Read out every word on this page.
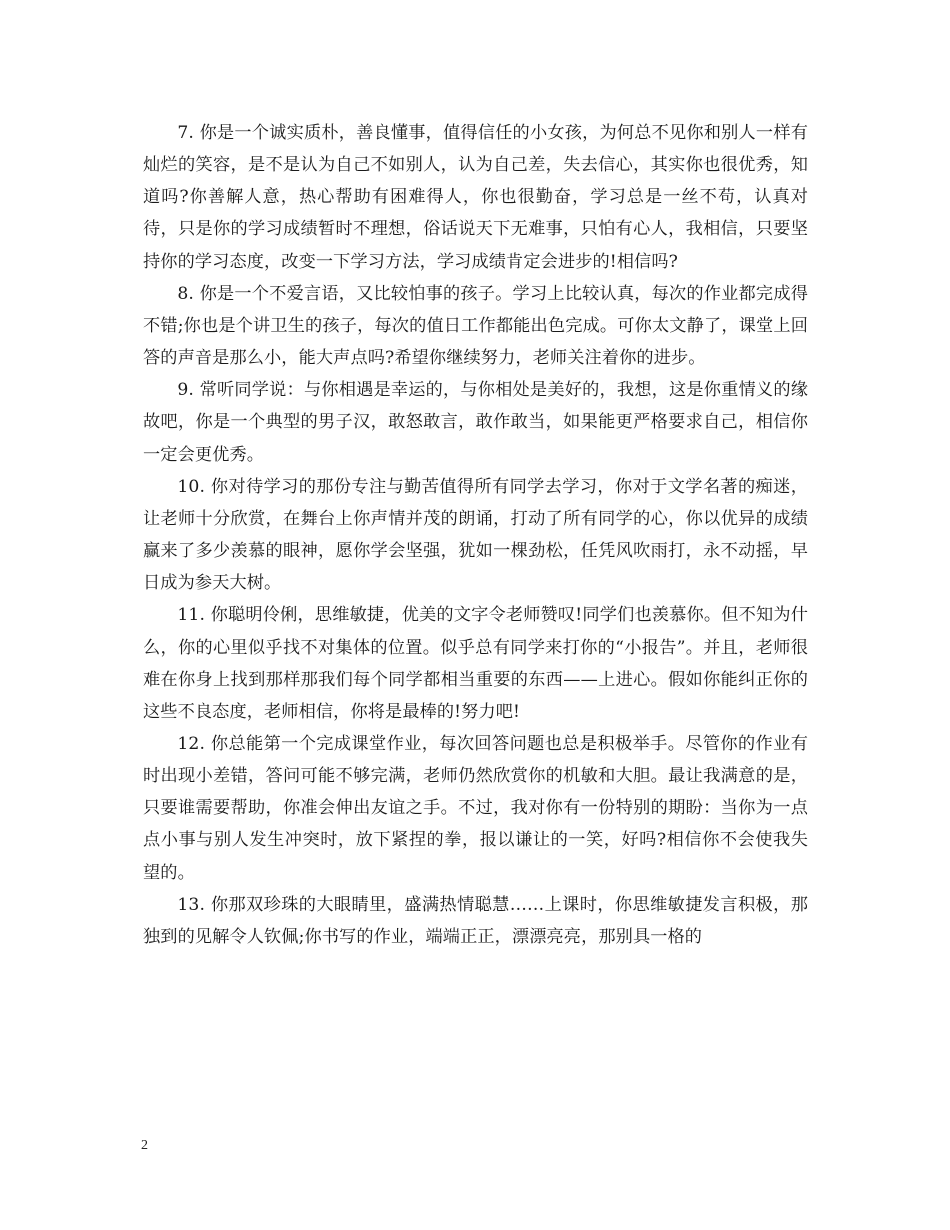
7. 你是一个诚实质朴，善良懂事，值得信任的小女孩，为何总不见你和别人一样有灿烂的笑容，是不是认为自己不如别人，认为自己差，失去信心，其实你也很优秀，知道吗?你善解人意，热心帮助有困难得人，你也很勤奋，学习总是一丝不苟，认真对待，只是你的学习成绩暂时不理想，俗话说天下无难事，只怕有心人，我相信，只要坚持你的学习态度，改变一下学习方法，学习成绩肯定会进步的!相信吗?

8. 你是一个不爱言语，又比较怕事的孩子。学习上比较认真，每次的作业都完成得不错;你也是个讲卫生的孩子，每次的值日工作都能出色完成。可你太文静了，课堂上回答的声音是那么小，能大声点吗?希望你继续努力，老师关注着你的进步。

9. 常听同学说：与你相遇是幸运的，与你相处是美好的，我想，这是你重情义的缘故吧，你是一个典型的男子汉，敢怒敢言，敢作敢当，如果能更严格要求自己，相信你一定会更优秀。

10. 你对待学习的那份专注与勤苦值得所有同学去学习，你对于文学名著的痴迷，让老师十分欣赏，在舞台上你声情并茂的朗诵，打动了所有同学的心，你以优异的成绩赢来了多少羡慕的眼神，愿你学会坚强，犹如一棵劲松，任凭风吹雨打，永不动摇，早日成为参天大树。

11. 你聪明伶俐，思维敏捷，优美的文字令老师赞叹!同学们也羡慕你。但不知为什么，你的心里似乎找不对集体的位置。似乎总有同学来打你的“小报告”。并且，老师很难在你身上找到那样那我们每个同学都相当重要的东西——上进心。假如你能纠正你的这些不良态度，老师相信，你将是最棒的!努力吧!

12. 你总能第一个完成课堂作业，每次回答问题也总是积极举手。尽管你的作业有时出现小差错，答问可能不够完满，老师仍然欣赏你的机敏和大胆。最让我满意的是，只要谁需要帮助，你准会伸出友谊之手。不过，我对你有一份特别的期盼：当你为一点点小事与别人发生冲突时，放下紧捏的拳，报以谦让的一笑，好吗?相信你不会使我失望的。

13. 你那双珍珠的大眼睛里，盛满热情聪慧……上课时，你思维敏捷发言积极，那独到的见解令人钦佩;你书写的作业，端端正正，漂漂亮亮，那别具一格的

2
